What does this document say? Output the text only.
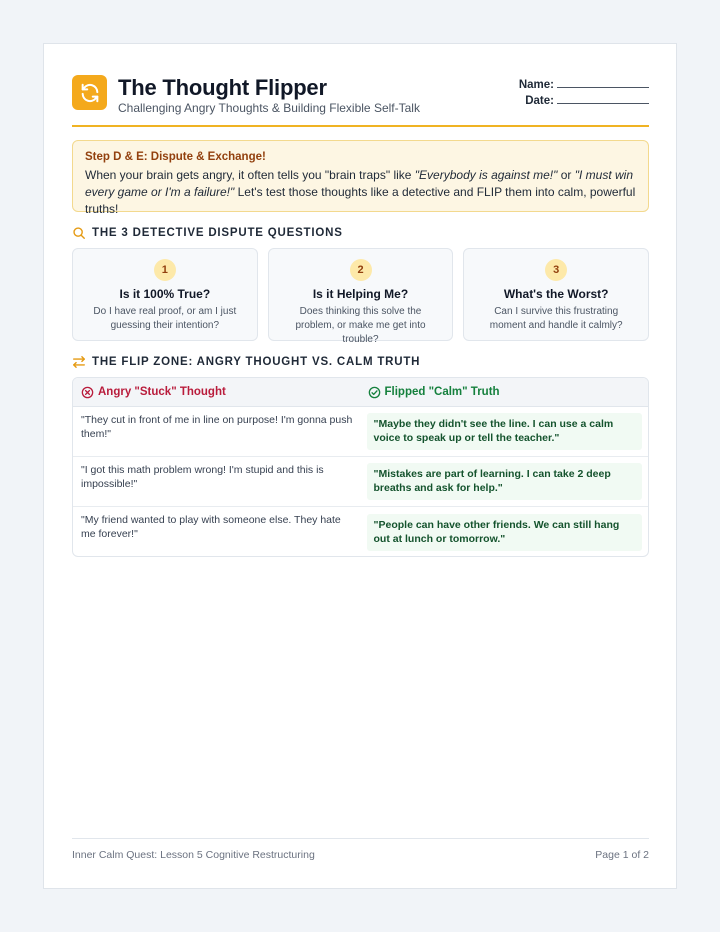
The Thought Flipper
Challenging Angry Thoughts & Building Flexible Self-Talk
Name:
Date:
Step D & E: Dispute & Exchange!
When your brain gets angry, it often tells you "brain traps" like "Everybody is against me!" or "I must win every game or I'm a failure!" Let's test those thoughts like a detective and FLIP them into calm, powerful truths!
THE 3 DETECTIVE DISPUTE QUESTIONS
1
Is it 100% True?
Do I have real proof, or am I just guessing their intention?
2
Is it Helping Me?
Does thinking this solve the problem, or make me get into trouble?
3
What's the Worst?
Can I survive this frustrating moment and handle it calmly?
THE FLIP ZONE: ANGRY THOUGHT VS. CALM TRUTH
Angry "Stuck" Thought	Flipped "Calm" Truth
"They cut in front of me in line on purpose! I'm gonna push them!"
"Maybe they didn't see the line. I can use a calm voice to speak up or tell the teacher."
"I got this math problem wrong! I'm stupid and this is impossible!"
"Mistakes are part of learning. I can take 2 deep breaths and ask for help."
"My friend wanted to play with someone else. They hate me forever!"
"People can have other friends. We can still hang out at lunch or tomorrow."
Inner Calm Quest: Lesson 5 Cognitive Restructuring	Page 1 of 2
